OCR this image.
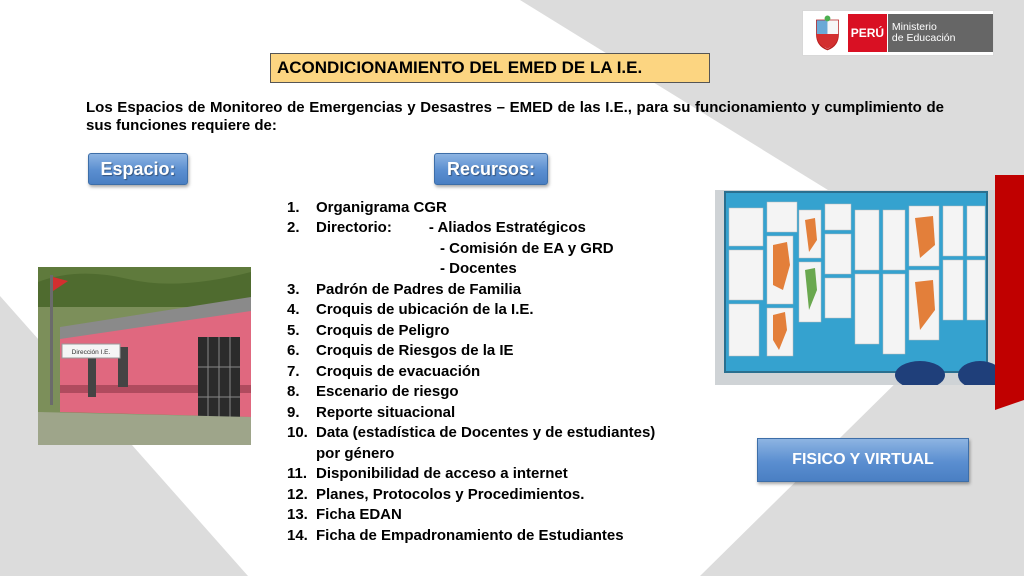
PERÚ Ministerio
de Educación
ACONDICIONAMIENTO DEL EMED DE LA I.E.
Los Espacios de Monitoreo de Emergencias y Desastres – EMED de las I.E., para su funcionamiento y cumplimiento de sus funciones requiere de:
Espacio:	Recursos:
Dirección I.E.
1.	Organigrama CGR
2.	Directorio: - Aliados Estratégicos
- Comisión de EA y GRD
- Docentes
3.	Padrón de Padres de Familia
4.	Croquis de ubicación de la I.E.
5.	Croquis de Peligro
6.	Croquis de Riesgos de la IE
7.	Croquis de evacuación
8.	Escenario de riesgo
9.	Reporte situacional
10. Data (estadística de Docentes y de estudiantes)
por género
11. Disponibilidad de acceso a internet
12. Planes, Protocolos y Procedimientos.
13. Ficha EDAN
14. Ficha de Empadronamiento de Estudiantes
FISICO Y VIRTUAL
